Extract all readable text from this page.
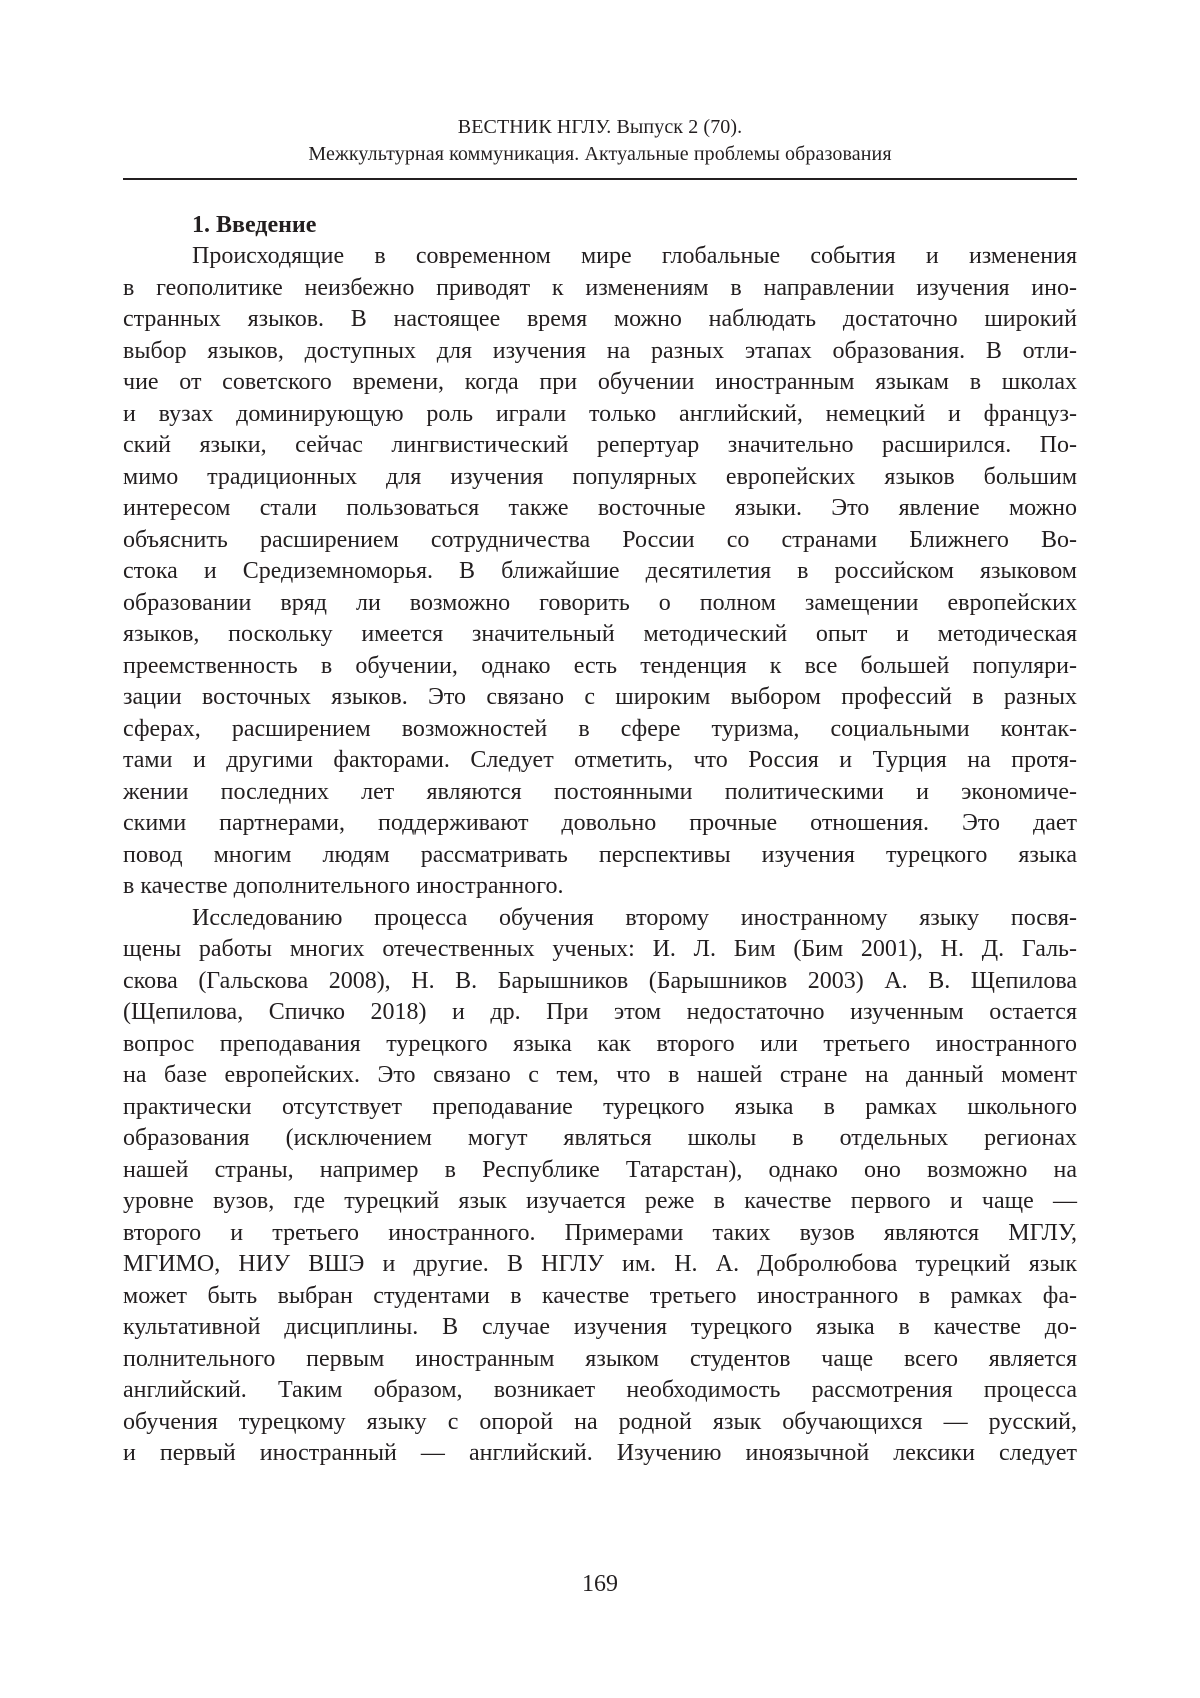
ВЕСТНИК НГЛУ. Выпуск 2 (70).
Межкультурная коммуникация. Актуальные проблемы образования
1. Введение

Происходящие в современном мире глобальные события и изменения
в геополитике неизбежно приводят к изменениям в направлении изучения ино-
странных языков. В настоящее время можно наблюдать достаточно широкий
выбор языков, доступных для изучения на разных этапах образования. В отли-
чие от советского времени, когда при обучении иностранным языкам в школах
и вузах доминирующую роль играли только английский, немецкий и француз-
ский языки, сейчас лингвистический репертуар значительно расширился. По-
мимо традиционных для изучения популярных европейских языков большим
интересом стали пользоваться также восточные языки. Это явление можно
объяснить расширением сотрудничества России со странами Ближнего Во-
стока и Средиземноморья. В ближайшие десятилетия в российском языковом
образовании вряд ли возможно говорить о полном замещении европейских
языков, поскольку имеется значительный методический опыт и методическая
преемственность в обучении, однако есть тенденция к все большей популяри-
зации восточных языков. Это связано с широким выбором профессий в разных
сферах, расширением возможностей в сфере туризма, социальными контак-
тами и другими факторами. Следует отметить, что Россия и Турция на протя-
жении последних лет являются постоянными политическими и экономиче-
скими партнерами, поддерживают довольно прочные отношения. Это дает
повод многим людям рассматривать перспективы изучения турецкого языка
в качестве дополнительного иностранного.

Исследованию процесса обучения второму иностранному языку посвя-
щены работы многих отечественных ученых: И. Л. Бим (Бим 2001), Н. Д. Галь-
скова (Гальскова 2008), Н. В. Барышников (Барышников 2003) А. В. Щепилова
(Щепилова, Спичко 2018) и др. При этом недостаточно изученным остается
вопрос преподавания турецкого языка как второго или третьего иностранного
на базе европейских. Это связано с тем, что в нашей стране на данный момент
практически отсутствует преподавание турецкого языка в рамках школьного
образования (исключением могут являться школы в отдельных регионах
нашей страны, например в Республике Татарстан), однако оно возможно на
уровне вузов, где турецкий язык изучается реже в качестве первого и чаще —
второго и третьего иностранного. Примерами таких вузов являются МГЛУ,
МГИМО, НИУ ВШЭ и другие. В НГЛУ им. Н. А. Добролюбова турецкий язык
может быть выбран студентами в качестве третьего иностранного в рамках фа-
культативной дисциплины. В случае изучения турецкого языка в качестве до-
полнительного первым иностранным языком студентов чаще всего является
английский. Таким образом, возникает необходимость рассмотрения процесса
обучения турецкому языку с опорой на родной язык обучающихся — русский,
и первый иностранный — английский. Изучению иноязычной лексики следует

169
